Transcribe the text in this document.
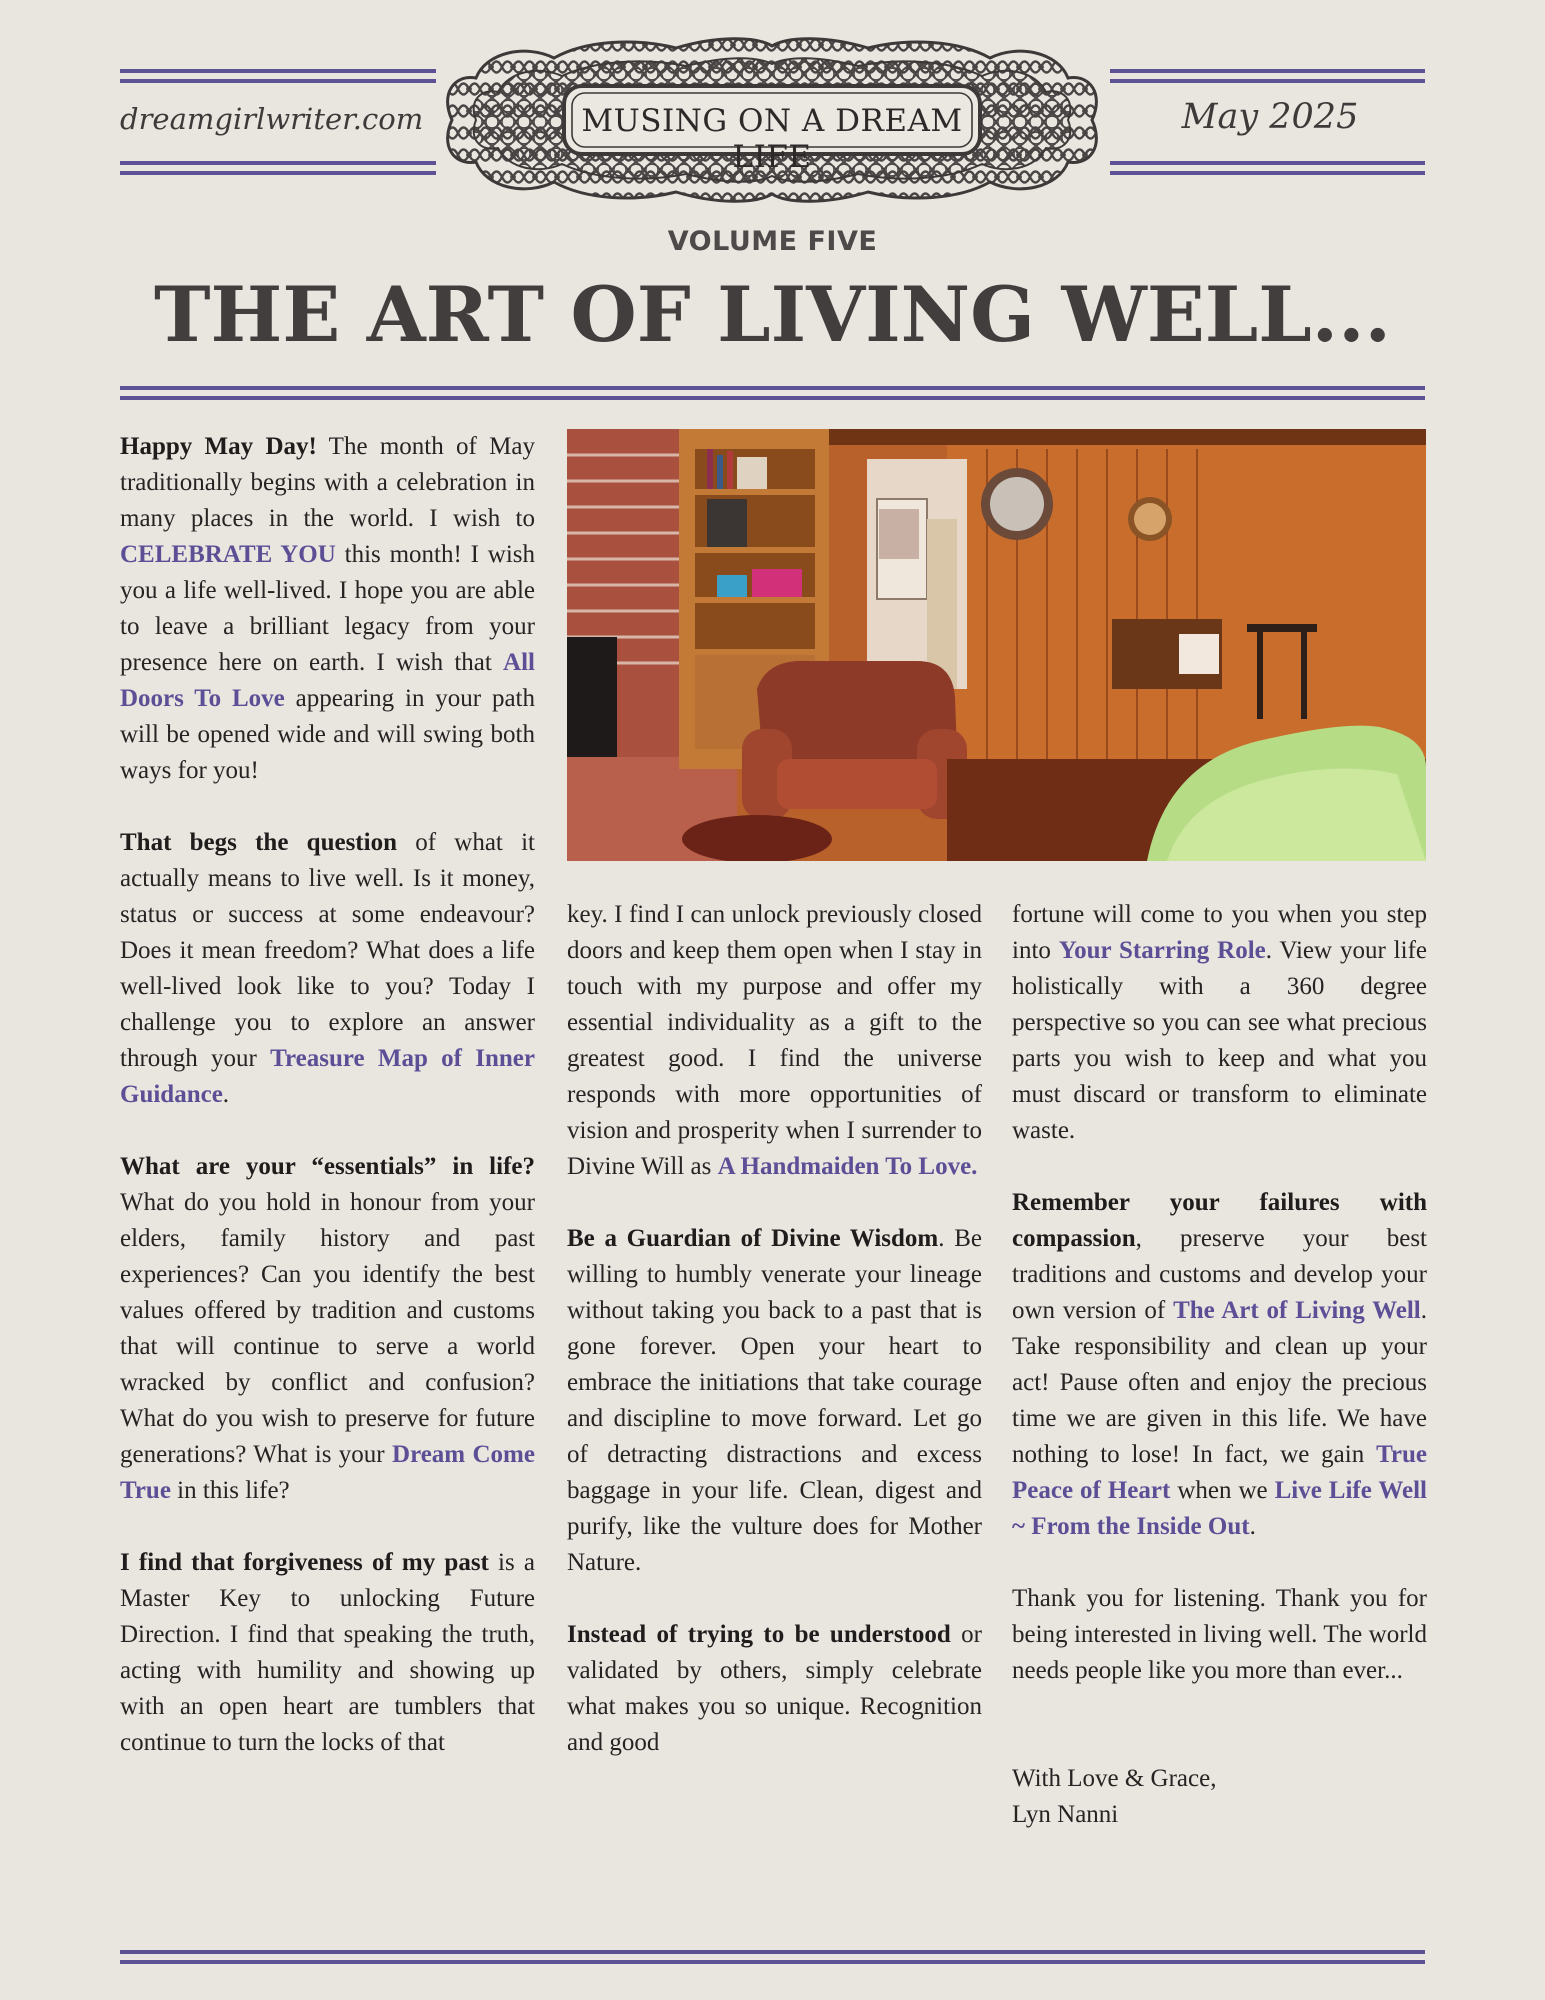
dreamgirlwriter.com	May 2025
MUSING ON A DREAM LIFE
VOLUME FIVE
THE ART OF LIVING WELL...

Happy May Day! The month of May traditionally begins with a celebration in many places in the world. I wish to CELEBRATE YOU this month! I wish you a life well-lived. I hope you are able to leave a brilliant legacy from your presence here on earth. I wish that All Doors To Love appearing in your path will be opened wide and will swing both ways for you!

That begs the question of what it actually means to live well. Is it money, status or success at some endeavour? Does it mean freedom? What does a life well-lived look like to you? Today I challenge you to explore an answer through your Treasure Map of Inner Guidance.

What are your “essentials” in life? What do you hold in honour from your elders, family history and past experiences? Can you identify the best values offered by tradition and customs that will continue to serve a world wracked by conflict and confusion? What do you wish to preserve for future generations? What is your Dream Come True in this life?

I find that forgiveness of my past is a Master Key to unlocking Future Direction. I find that speaking the truth, acting with humility and showing up with an open heart are tumblers that continue to turn the locks of that

key. I find I can unlock previously closed doors and keep them open when I stay in touch with my purpose and offer my essential individuality as a gift to the greatest good. I find the universe responds with more opportunities of vision and prosperity when I surrender to Divine Will as A Handmaiden To Love.

Be a Guardian of Divine Wisdom. Be willing to humbly venerate your lineage without taking you back to a past that is gone forever. Open your heart to embrace the initiations that take courage and discipline to move forward. Let go of detracting distractions and excess baggage in your life. Clean, digest and purify, like the vulture does for Mother Nature.

Instead of trying to be understood or validated by others, simply celebrate what makes you so unique. Recognition and good

fortune will come to you when you step into Your Starring Role. View your life holistically with a 360 degree perspective so you can see what precious parts you wish to keep and what you must discard or transform to eliminate waste.

Remember your failures with compassion, preserve your best traditions and customs and develop your own version of The Art of Living Well. Take responsibility and clean up your act! Pause often and enjoy the precious time we are given in this life. We have nothing to lose! In fact, we gain True Peace of Heart when we Live Life Well ~ From the Inside Out.

Thank you for listening. Thank you for being interested in living well. The world needs people like you more than ever...

With Love & Grace,
Lyn Nanni
